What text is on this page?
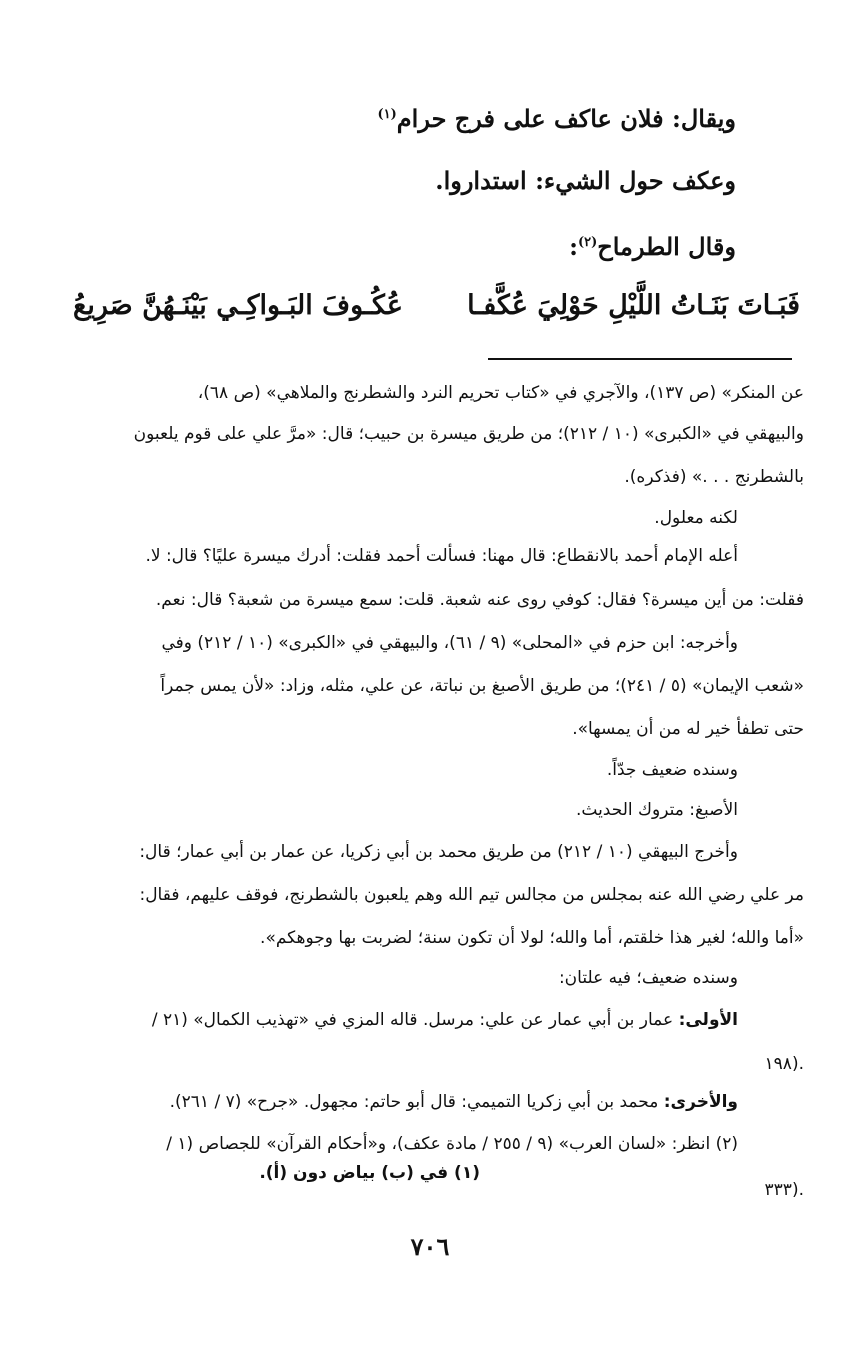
ويقال: فلان عاكف على فرج حرام$^{(١)}$
وعكف حول الشيء: استداروا.
وقال الطرماح$^{(٢)}$:
فَبَـاتَ بَنَـاتُ اللَّيْلِ حَوْلِيَ عُكَّفـا
عُكُـوفَ البَـواكِـي بَيْنَـهُنَّ صَرِيعُ
عن المنكر» (ص ١٣٧)، والآجري في «كتاب تحريم النرد والشطرنج والملاهي» (ص ٦٨)،
والبيهقي في «الكبرى» (١٠ / ٢١٢)؛ من طريق ميسرة بن حبيب؛ قال: «مرَّ علي على قوم يلعبون
بالشطرنج . . .» (فذكره).
لكنه معلول.
أعله الإمام أحمد بالانقطاع: قال مهنا: فسألت أحمد فقلت: أدرك ميسرة عليًا؟ قال: لا.
فقلت: من أين ميسرة؟ فقال: كوفي روى عنه شعبة. قلت: سمع ميسرة من شعبة؟ قال: نعم.
وأخرجه: ابن حزم في «المحلى» (٩ / ٦١)، والبيهقي في «الكبرى» (١٠ / ٢١٢) وفي
«شعب الإيمان» (٥ / ٢٤١)؛ من طريق الأصبغ بن نباتة، عن علي، مثله، وزاد: «لأن يمس جمراً
حتى تطفأ خير له من أن يمسها».
وسنده ضعيف جدّاً.
الأصبغ: متروك الحديث.
وأخرج البيهقي (١٠ / ٢١٢) من طريق محمد بن أبي زكريا، عن عمار بن أبي عمار؛ قال:
مر علي رضي الله عنه بمجلس من مجالس تيم الله وهم يلعبون بالشطرنج، فوقف عليهم، فقال:
«أما والله؛ لغير هذا خلقتم، أما والله؛ لولا أن تكون سنة؛ لضربت بها وجوهكم».
وسنده ضعيف؛ فيه علتان:
الأولى: عمار بن أبي عمار عن علي: مرسل. قاله المزي في «تهذيب الكمال» (٢١ /
١٩٨).
والأخرى: محمد بن أبي زكريا التميمي: قال أبو حاتم: مجهول. «جرح» (٧ / ٢٦١).
(٢) انظر: «لسان العرب» (٩ / ٢٥٥ / مادة عكف)، و«أحكام القرآن» للجصاص (١ /
(١) في (ب) بياض دون (أ).
٣٣٣).
٧٠٦
